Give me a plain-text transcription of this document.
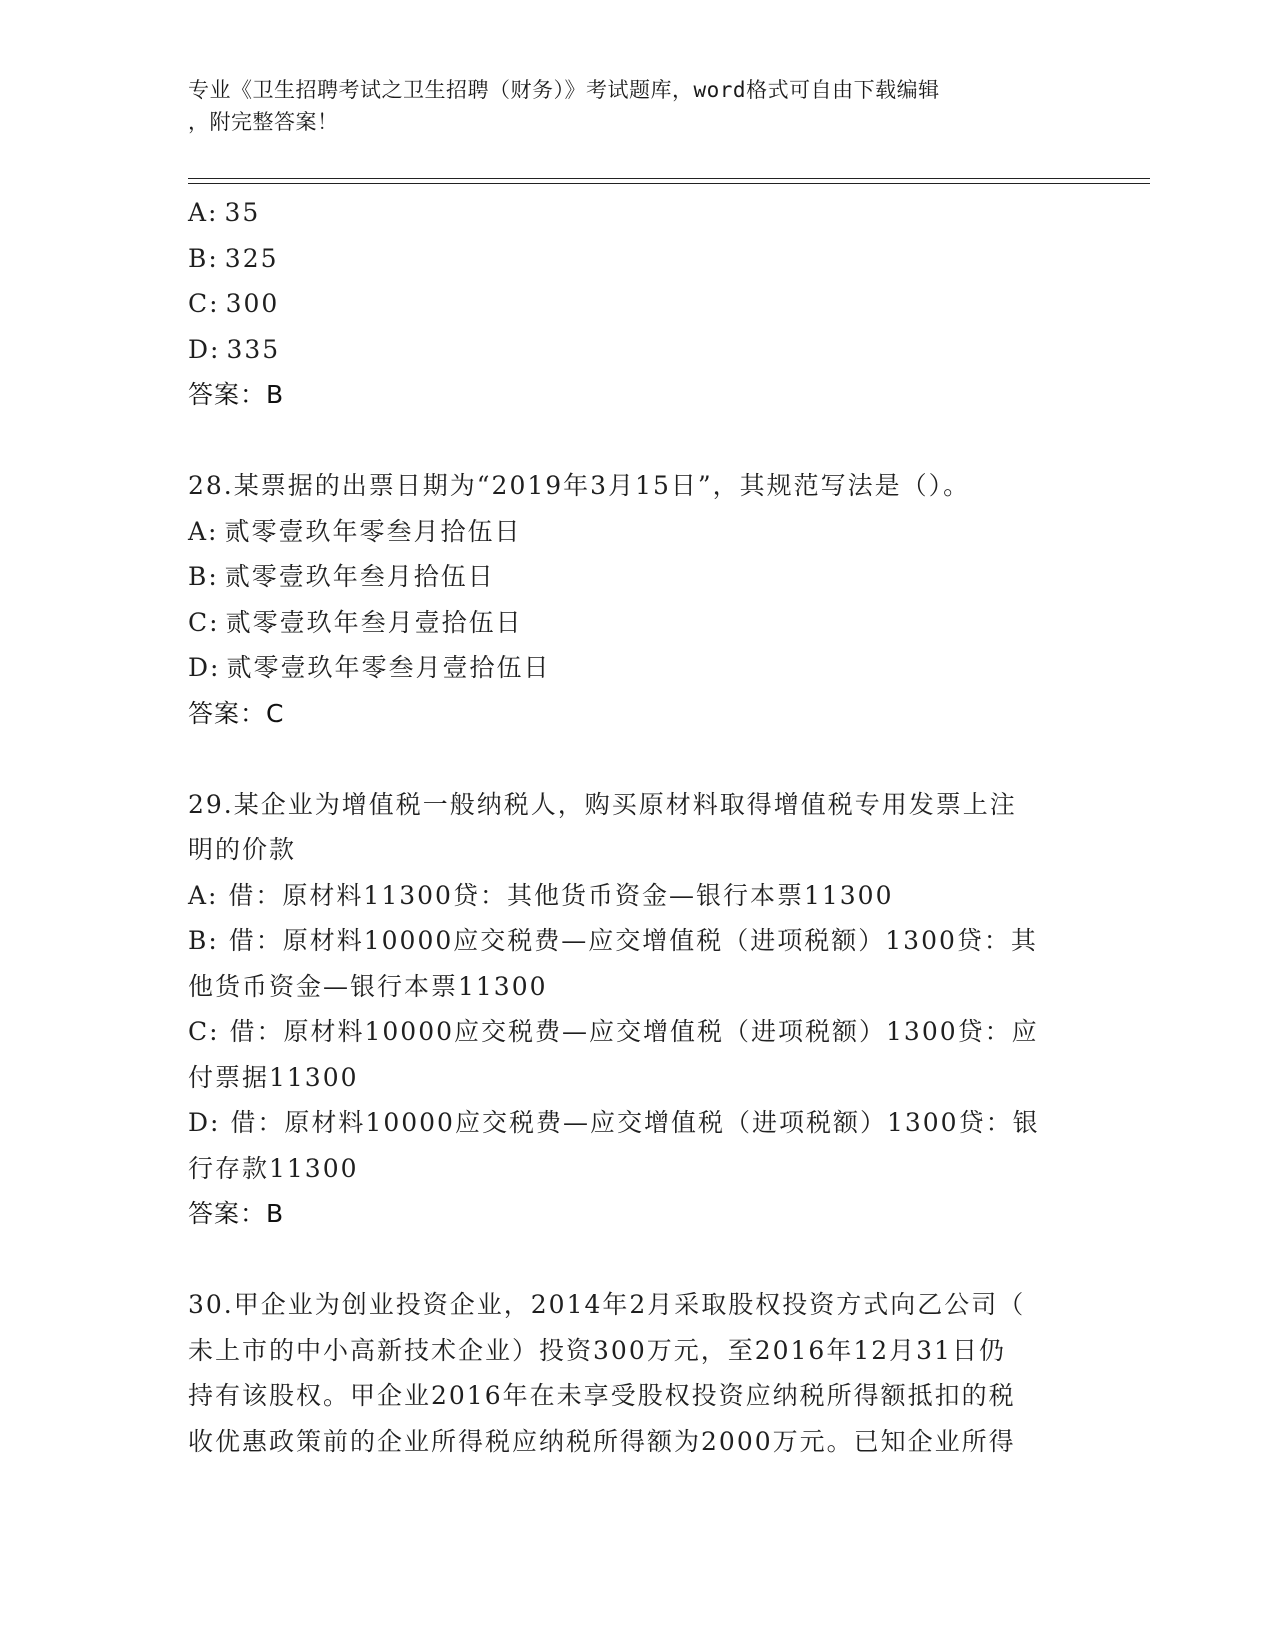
专业《卫生招聘考试之卫生招聘（财务）》考试题库，word格式可自由下载编辑
，附完整答案！
A: 35
B: 325
C: 300
D: 335
答案：B
28.某票据的出票日期为“2019年3月15日”，其规范写法是（）。
A: 贰零壹玖年零叁月拾伍日
B: 贰零壹玖年叁月拾伍日
C: 贰零壹玖年叁月壹拾伍日
D: 贰零壹玖年零叁月壹拾伍日
答案：C
29.某企业为增值税一般纳税人，购买原材料取得增值税专用发票上注
明的价款
A: 借：原材料11300贷：其他货币资金—银行本票11300
B: 借：原材料10000应交税费—应交增值税（进项税额）1300贷：其
他货币资金—银行本票11300
C: 借：原材料10000应交税费—应交增值税（进项税额）1300贷：应
付票据11300
D: 借：原材料10000应交税费—应交增值税（进项税额）1300贷：银
行存款11300
答案：B
30.甲企业为创业投资企业，2014年2月采取股权投资方式向乙公司（
未上市的中小高新技术企业）投资300万元，至2016年12月31日仍
持有该股权。甲企业2016年在未享受股权投资应纳税所得额抵扣的税
收优惠政策前的企业所得税应纳税所得额为2000万元。已知企业所得
